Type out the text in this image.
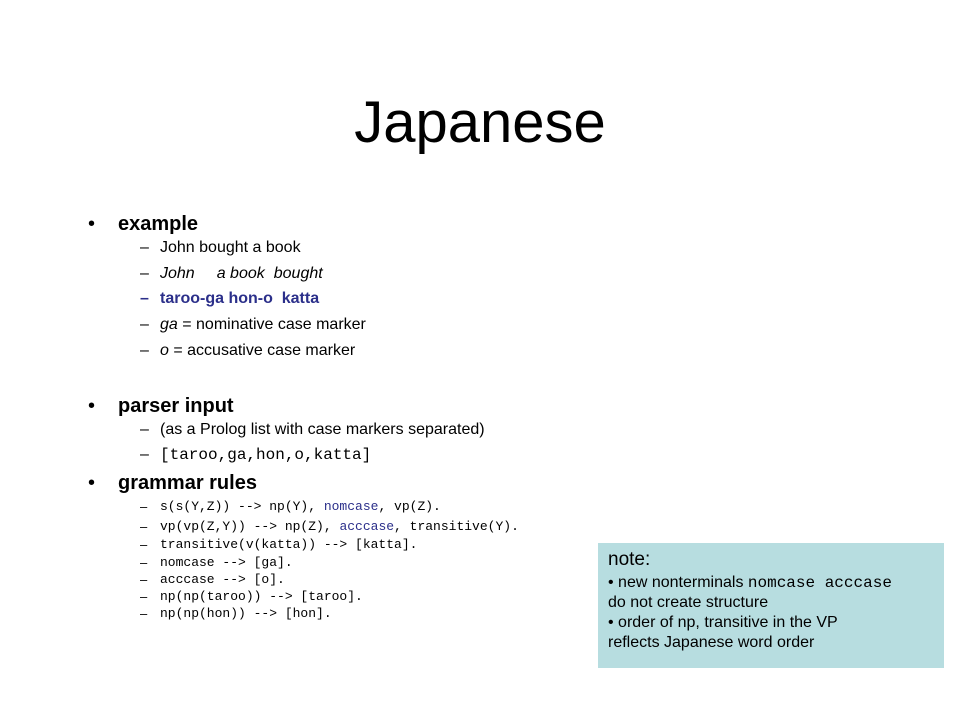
Japanese
• example
– John bought a book
– John a book bought
– taroo-ga hon-o  katta
– ga = nominative case marker
– o = accusative case marker
• parser input
– (as a Prolog list with case markers separated)
– [taroo,ga,hon,o,katta]
• grammar rules
– s(s(Y,Z)) --> np(Y), nomcase, vp(Z).
– vp(vp(Z,Y)) --> np(Z), acccase, transitive(Y).
– transitive(v(katta)) --> [katta].
– nomcase --> [ga].
– acccase --> [o].
– np(np(taroo)) --> [taroo].
– np(np(hon)) --> [hon].
note:
• new nonterminals nomcase acccase
do not create structure
• order of np, transitive in the VP
reflects Japanese word order
